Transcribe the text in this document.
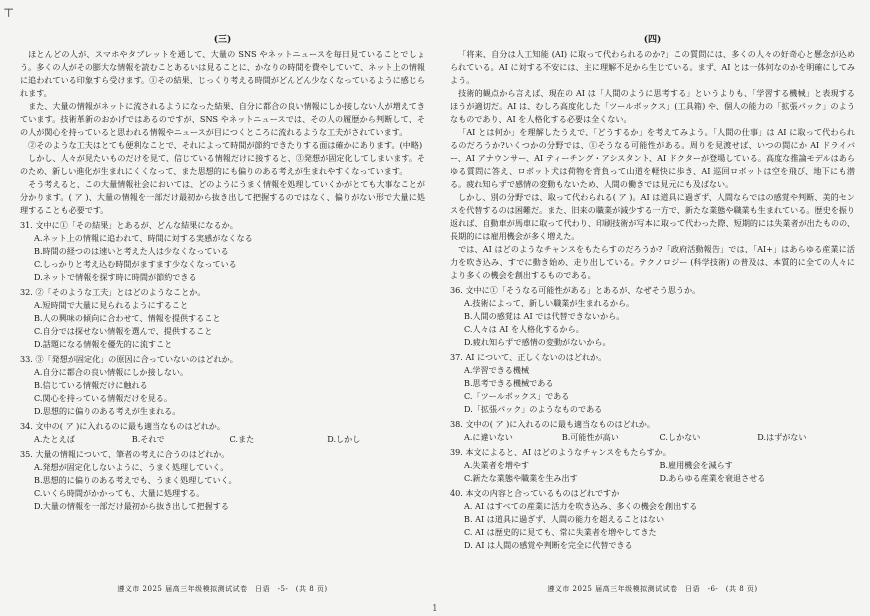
⊤
1
(三)

ほとんどの人が、スマホやタブレットを通して、大量の SNS やネットニュースを毎日見ていることでしょう。多くの人がその膨大な情報を読むことあるいは見ることに、かなりの時間を費やしていて、ネット上の情報に追われている印象すら受けます。①その結果、じっくり考える時間がどんどん少なくなっているように感じられます。

また、大量の情報がネットに流されるようになった結果、自分に都合の良い情報にしか接しない人が増えてきています。技術革新のおかげではあるのですが、SNS やネットニュースでは、その人の履歴から判断して、その人が関心を持っていると思われる情報やニュースが目につくところに流れるような工夫がされています。

②そのような工夫はとても便利なことで、それによって時間が節約できたりする面は確かにあります。(中略)

しかし、人々が見たいものだけを見て、信じている情報だけに接すると、③発想が固定化してしまいます。そのため、新しい進化が生まれにくくなって、また思想的にも偏りのある考えが生まれやすくなっています。

そう考えると、この大量情報社会においては、どのようにうまく情報を処理していくかがとても大事なことが分かります。( ア )、大量の情報を一部だけ最初から抜き出して把握するのではなく、偏りがない形で大量に処理することも必要です。

31. 文中に①「その結果」とあるが、どんな結果になるか。
A.ネット上の情報に追われて、時間に対する実感がなくなる
B.時間の経つのは速いと考えた人は少なくなっている
C.しっかりと考え込む時間がますます少なくなっている
D.ネットで情報を探す時に時間が節約できる
32. ②「そのような工夫」とはどのようなことか。
A.短時間で大量に見られるようにすること
B.人の興味の傾向に合わせて、情報を提供すること
C.自分では探せない情報を選んで、提供すること
D.話題になる情報を優先的に流すこと
33. ③「発想が固定化」の原因に合っていないのはどれか。
A.自分に都合の良い情報にしか接しない。
B.信じている情報だけに触れる
C.関心を持っている情報だけを見る。
D.思想的に偏りのある考えが生まれる。
34. 文中の( ア )に入れるのに最も適当なものはどれか。
A.たとえば	B.それで	C.また	D.しかし
35. 大量の情報について、筆者の考えに合うのはどれか。
A.発想が固定化しないように、うまく処理していく。
B.思想的に偏りのある考えでも、うまく処理していく。
C.いくら時間がかかっても、大量に処理する。
D.大量の情報を一部だけ最初から抜き出して把握する
遵义市 2025 届高三年级模拟测试试卷　日语　-5-　(共 8 页)
(四)

「将来、自分は人工知能 (AI) に取って代わられるのか?」この質問には、多くの人々の好奇心と懸念が込められている。AI に対する不安には、主に理解不足から生じている。まず、AI とは一体何なのかを明確にしてみよう。

技術的観点から言えば、現在の AI は「人間のように思考する」というよりも、「学習する機械」と表現するほうが適切だ。AI は、むしろ高度化した「ツールボックス」(工具箱) や、個人の能力の「拡張パック」のようなものであり、AI を人格化する必要は全くない。

「AI とは何か」を理解したうえで、「どうするか」を考えてみよう。「人間の仕事」は AI に取って代わられるのだろうか?いくつかの分野では、①そうなる可能性がある。周りを見渡せば、いつの間にか AI ドライバー、AI アナウンサー、AI ティーチング・アシスタント、AI ドクターが登場している。高度な推論モデルはあらゆる質問に答え、ロボット犬は荷物を背負って山道を軽快に歩き、AI 巡回ロボットは空を飛び、地下にも潜る。疲れ知らずで感情の変動もないため、人間の働きでは見元にも及ばない。

しかし、別の分野では、取って代わられる( ア )。AI は道具に過ぎず、人間ならではの感覚や判断、美的センスを代替するのは困難だ。また、旧来の職業が減少する一方で、新たな業態や職業も生まれている。歴史を振り返れば、自動車が馬車に取って代わり、印刷技術が写本に取って代わった際、短期的には失業者が出たものの、長期的には雇用機会が多く増えた。

では、AI はどのようなチャンスをもたらすのだろうか?「政府活動報告」では、「AI+」はあらゆる産業に活力を吹き込み、すでに動き始め、走り出している。テクノロジー (科学技術) の普及は、本質的に全ての人々により多くの機会を創出するものである。

36. 文中に①「そうなる可能性がある」とあるが、なぜそう思うか。
A.技術によって、新しい職業が生まれるから。
B.人間の感覚は AI では代替できないから。
C.人々は AI を人格化するから。
D.疲れ知らずで感情の変動がないから。
37. AI について、正しくないのはどれか。
A.学習できる機械
B.思考できる機械である
C.「ツールボックス」である
D.「拡張パック」のようなものである
38. 文中の( ア )に入れるのに最も適当なものはどれか。
A.に違いない	B.可能性が高い	C.しかない	D.はずがない
39. 本文によると、AI はどのようなチャンスをもたらすか。
A.失業者を増やす	B.雇用機会を減らす
C.新たな業態や職業を生み出す	D.あらゆる産業を衰退させる
40. 本文の内容と合っているものはどれですか
A. AI はすべての産業に活力を吹き込み、多くの機会を創出する
B. AI は道具に過ぎず、人間の能力を超えることはない
C. AI は歴史的に見ても、常に失業者を増やしてきた
D. AI は人間の感覚や判断を完全に代替できる
遵义市 2025 届高三年级模拟测试试卷　日语　-6-　(共 8 页)
